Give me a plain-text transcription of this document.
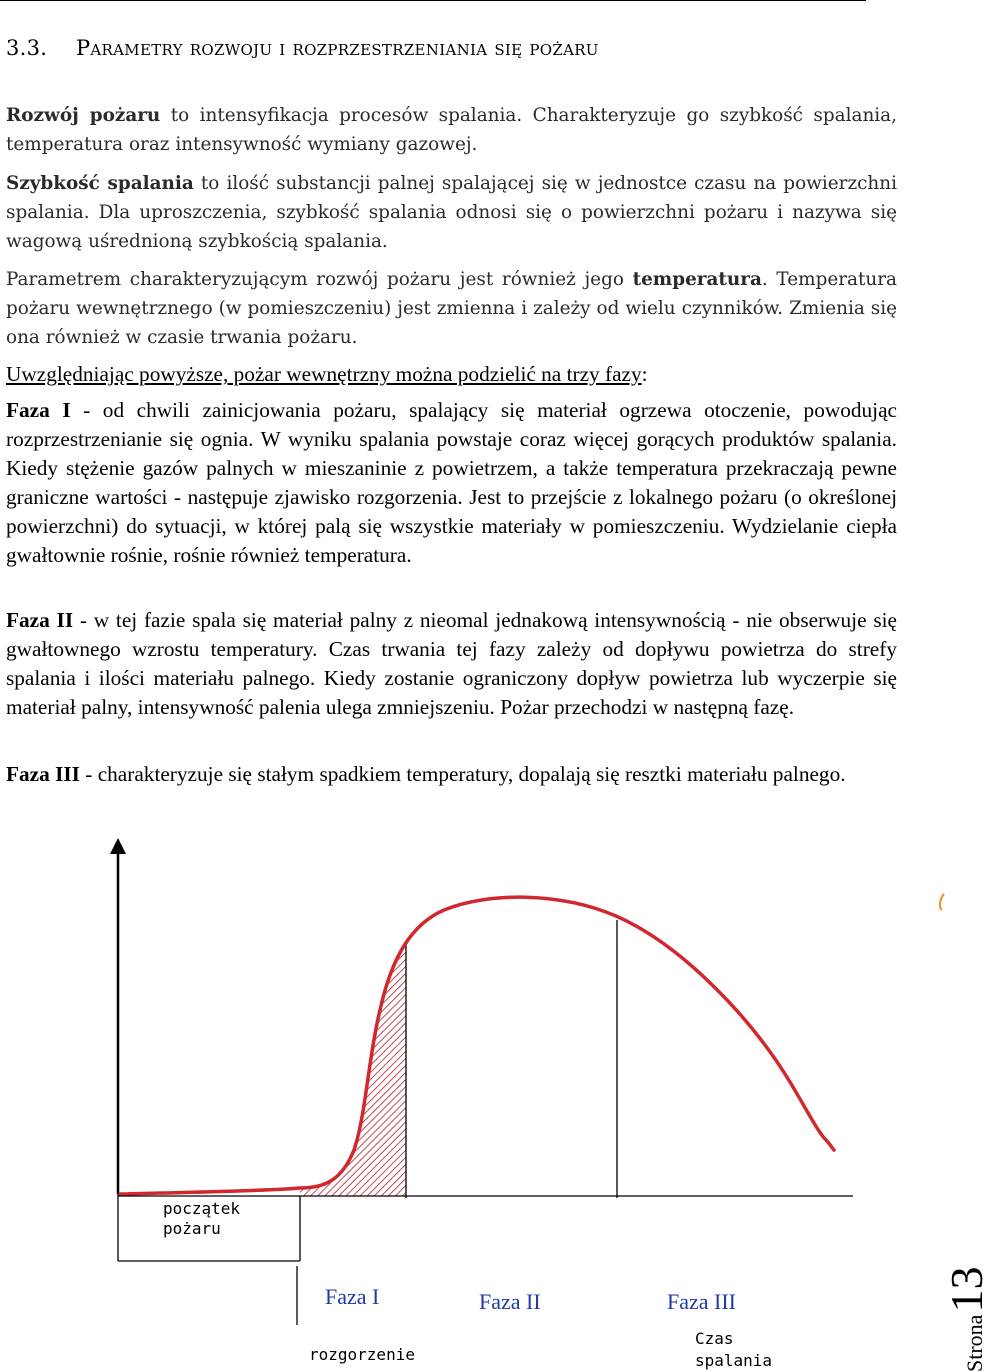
3.3. Parametry rozwoju i rozprzestrzeniania się pożaru

Rozwój pożaru to intensyfikacja procesów spalania. Charakteryzuje go szybkość spalania, temperatura oraz intensywność wymiany gazowej.

Szybkość spalania to ilość substancji palnej spalającej się w jednostce czasu na powierzchni spalania. Dla uproszczenia, szybkość spalania odnosi się o powierzchni pożaru i nazywa się wagową uśrednioną szybkością spalania.

Parametrem charakteryzującym rozwój pożaru jest również jego temperatura. Temperatura pożaru wewnętrznego (w pomieszczeniu) jest zmienna i zależy od wielu czynników. Zmienia się ona również w czasie trwania pożaru.

Uwzględniając powyższe, pożar wewnętrzny można podzielić na trzy fazy:

Faza I - od chwili zainicjowania pożaru, spalający się materiał ogrzewa otoczenie, powodując rozprzestrzenianie się ognia. W wyniku spalania powstaje coraz więcej gorących produktów spalania. Kiedy stężenie gazów palnych w mieszaninie z powietrzem, a także temperatura przekraczają pewne graniczne wartości - następuje zjawisko rozgorzenia. Jest to przejście z lokalnego pożaru (o określonej powierzchni) do sytuacji, w której palą się wszystkie materiały w pomieszczeniu. Wydzielanie ciepła gwałtownie rośnie, rośnie również temperatura.

Faza II - w tej fazie spala się materiał palny z nieomal jednakową intensywnością - nie obserwuje się gwałtownego wzrostu temperatury. Czas trwania tej fazy zależy od dopływu powietrza do strefy spalania i ilości materiału palnego. Kiedy zostanie ograniczony dopływ powietrza lub wyczerpie się materiał palny, intensywność palenia ulega zmniejszeniu. Pożar przechodzi w następną fazę.

Faza III - charakteryzuje się stałym spadkiem temperatury, dopalają się resztki materiału palnego.

początek
pożaru
Faza I	Faza II	Faza III
rozgorzenie
Czas
spalania	Strona13
